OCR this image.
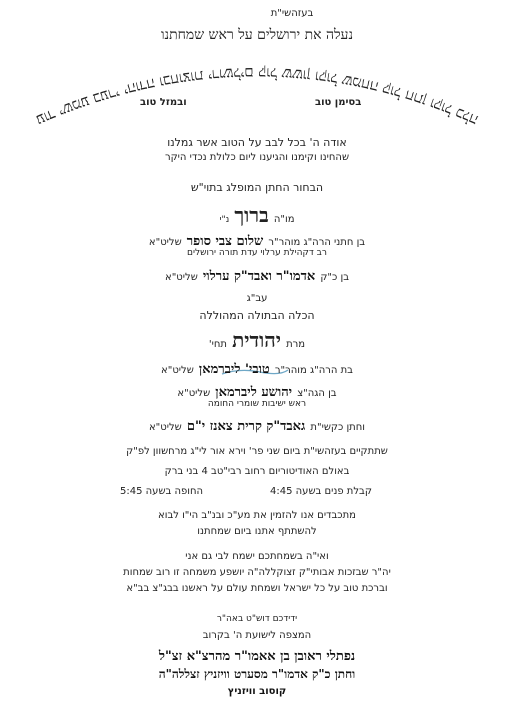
בעזהשי"ת
נעלה את ירושלים על ראש שמחתנו
עוד ישמע בערי יהודה ובחוצות ירושלים קול ששון וקול שמחה קול חתן וקול כלה
בסימן טוב
ובמזל טוב
אודה ה' בכל לבב על הטוב אשר גמלנו
שהחינו וקימנו והגיענו ליום כלולת נכדי היקר
הבחור החתן המופלג בתוי"ש
מו"ה ברוך נ"י
בן חתני הרה"ג מוהר"ר שלום צבי סופר שליט"א
רב דקהילת ערלוי עדת תורה ירושלים
בן כ"ק אדמו"ר ואבד"ק ערלוי שליט"א
עב"ג
הכלה הבתולה המהוללה
מרת יהודית תחי'
בת הרה"ג מוהר"ר טובי' ליברמאן שליט"א
בן הגה"צ יהושע ליברמאן שליט"א
ראש ישיבות שומרי החומה
וחתן כקשי"ת גאבד"ק קרית צאנז י"ם שליט"א
שתתקיים בעזהשי"ת ביום שני פר' וירא אור לי"ג מרחשוון לפ"ק
באולם האודיטוריום רחוב רבי"טב 4 בני ברק
קבלת פנים בשעה 4:45
החופה בשעה 5:45
מתכבדים אנו להזמין את מע"כ ובנ"ב הי"ו לבוא
להשתתף אתנו ביום שמחתנו
ואי"ה בשמחתכם ישמח לבי גם אני
יה"ר שבזכות אבותי"ק זצוקללה"ה יושפע משמחה זו רוב שמחות
וברכת טוב על כל ישראל ושמחת עולם על ראשנו בבג"צ בב"א
ידידכם דוש"ט באה"ר
המצפה לישועת ה' בקרוב
נפתלי ראובן בן אאמו"ר מהרצ"א זצ"ל
וחתן כ"ק אדמו"ר מסערט וויזניץ זצללה"ה
קוסוב וויזניץ
